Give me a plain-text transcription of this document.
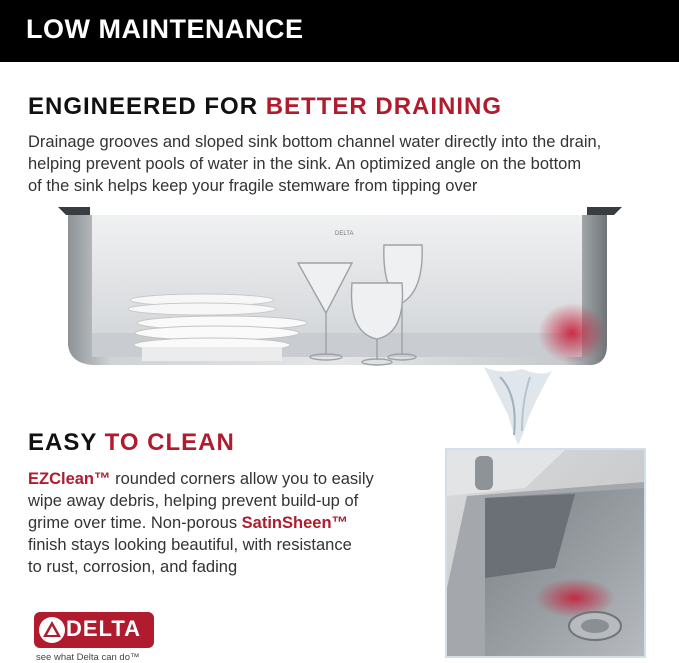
LOW MAINTENANCE
ENGINEERED FOR BETTER DRAINING
Drainage grooves and sloped sink bottom channel water directly into the drain,
helping prevent pools of water in the sink. An optimized angle on the bottom
of the sink helps keep your fragile stemware from tipping over
DELTA
EASY TO CLEAN
EZClean™ rounded corners allow you to easily
wipe away debris, helping prevent build-up of
grime over time. Non-porous SatinSheen™
finish stays looking beautiful, with resistance
to rust, corrosion, and fading
DELTA
see what Delta can do™
